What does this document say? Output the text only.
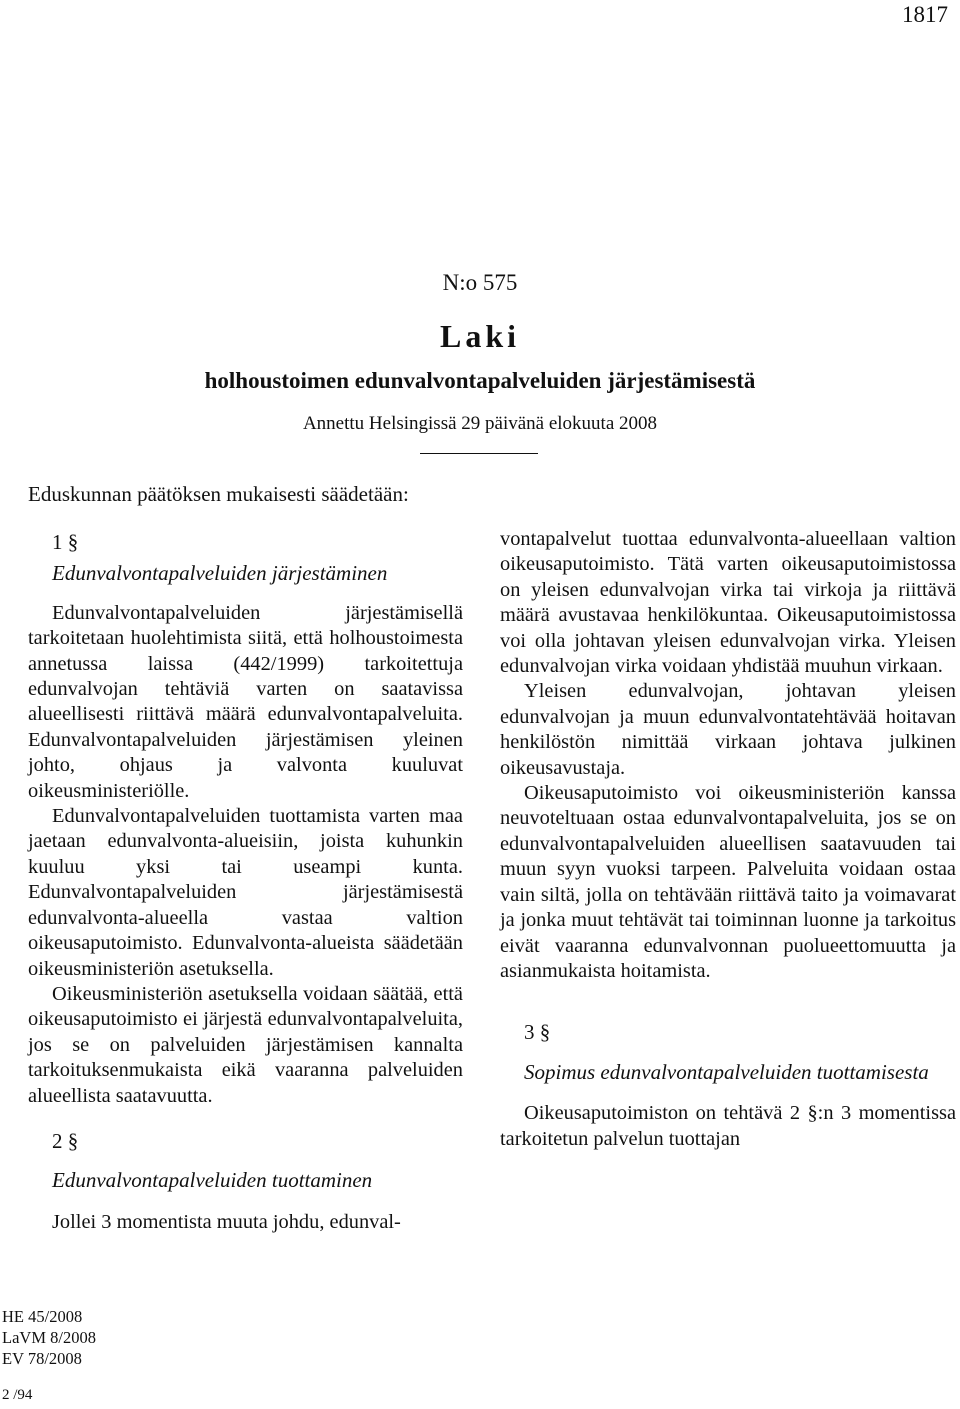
1817
N:o 575
Laki
holhoustoimen edunvalvontapalveluiden järjestämisestä
Annettu Helsingissä 29 päivänä elokuuta 2008
Eduskunnan päätöksen mukaisesti säädetään:

1 §

Edunvalvontapalveluiden järjestäminen

Edunvalvontapalveluiden järjestämisellä tarkoitetaan huolehtimista siitä, että holhoustoimesta annetussa laissa (442/1999) tarkoitettuja edunvalvojan tehtäviä varten on saatavissa alueellisesti riittävä määrä edunvalvontapalveluita. Edunvalvontapalveluiden järjestämisen yleinen johto, ohjaus ja valvonta kuuluvat oikeusministeriölle.

Edunvalvontapalveluiden tuottamista varten maa jaetaan edunvalvonta-alueisiin, joista kuhunkin kuuluu yksi tai useampi kunta. Edunvalvontapalveluiden järjestämisestä edunvalvonta-alueella vastaa valtion oikeusaputoimisto. Edunvalvonta-alueista säädetään oikeusministeriön asetuksella.

Oikeusministeriön asetuksella voidaan säätää, että oikeusaputoimisto ei järjestä edunvalvontapalveluita, jos se on palveluiden järjestämisen kannalta tarkoituksenmukaista eikä vaaranna palveluiden alueellista saatavuutta.

2 §

Edunvalvontapalveluiden tuottaminen

Jollei 3 momentista muuta johdu, edunval-

vontapalvelut tuottaa edunvalvonta-alueellaan valtion oikeusaputoimisto. Tätä varten oikeusaputoimistossa on yleisen edunvalvojan virka tai virkoja ja riittävä määrä avustavaa henkilökuntaa. Oikeusaputoimistossa voi olla johtavan yleisen edunvalvojan virka. Yleisen edunvalvojan virka voidaan yhdistää muuhun virkaan.

Yleisen edunvalvojan, johtavan yleisen edunvalvojan ja muun edunvalvontatehtävää hoitavan henkilöstön nimittää virkaan johtava julkinen oikeusavustaja.

Oikeusaputoimisto voi oikeusministeriön kanssa neuvoteltuaan ostaa edunvalvontapalveluita, jos se on edunvalvontapalveluiden alueellisen saatavuuden tai muun syyn vuoksi tarpeen. Palveluita voidaan ostaa vain siltä, jolla on tehtävään riittävä taito ja voimavarat ja jonka muut tehtävät tai toiminnan luonne ja tarkoitus eivät vaaranna edunvalvonnan puolueettomuutta ja asianmukaista hoitamista.

3 §

Sopimus edunvalvontapalveluiden tuottamisesta

Oikeusaputoimiston on tehtävä 2 §:n 3 momentissa tarkoitetun palvelun tuottajan

HE 45/2008
LaVM 8/2008
EV 78/2008
2 /94
